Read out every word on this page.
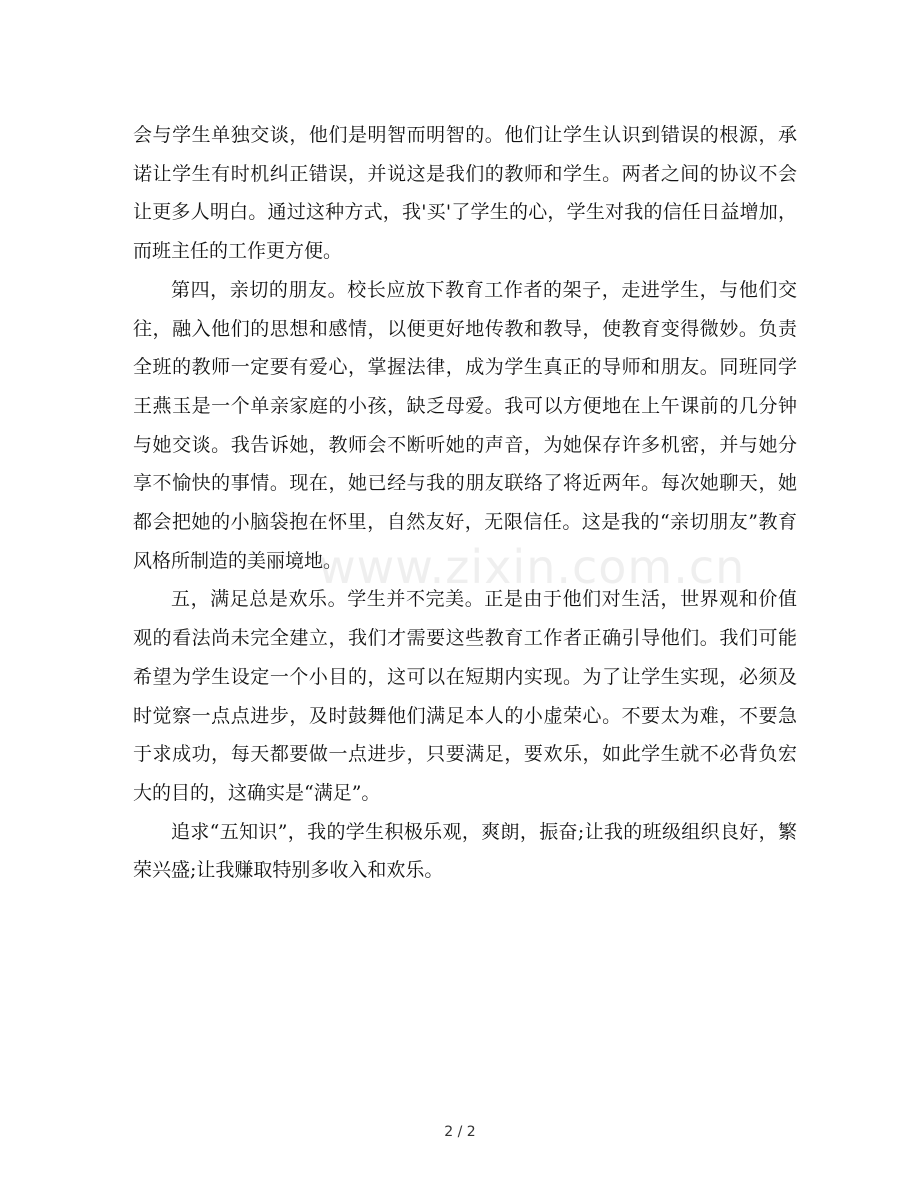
会与学生单独交谈，他们是明智而明智的。他们让学生认识到错误的根源，承诺让学生有时机纠正错误，并说这是我们的教师和学生。两者之间的协议不会让更多人明白。通过这种方式，我'买'了学生的心，学生对我的信任日益增加，而班主任的工作更方便。

第四，亲切的朋友。校长应放下教育工作者的架子，走进学生，与他们交往，融入他们的思想和感情，以便更好地传教和教导，使教育变得微妙。负责全班的教师一定要有爱心，掌握法律，成为学生真正的导师和朋友。同班同学王燕玉是一个单亲家庭的小孩，缺乏母爱。我可以方便地在上午课前的几分钟与她交谈。我告诉她，教师会不断听她的声音，为她保存许多机密，并与她分享不愉快的事情。现在，她已经与我的朋友联络了将近两年。每次她聊天，她都会把她的小脑袋抱在怀里，自然友好，无限信任。这是我的“亲切朋友”教育风格所制造的美丽境地。

五，满足总是欢乐。学生并不完美。正是由于他们对生活，世界观和价值观的看法尚未完全建立，我们才需要这些教育工作者正确引导他们。我们可能希望为学生设定一个小目的，这可以在短期内实现。为了让学生实现，必须及时觉察一点点进步，及时鼓舞他们满足本人的小虚荣心。不要太为难，不要急于求成功，每天都要做一点进步，只要满足，要欢乐，如此学生就不必背负宏大的目的，这确实是“满足”。

追求“五知识”，我的学生积极乐观，爽朗，振奋;让我的班级组织良好，繁荣兴盛;让我赚取特别多收入和欢乐。

www.zixin.com.cn
2 / 2
